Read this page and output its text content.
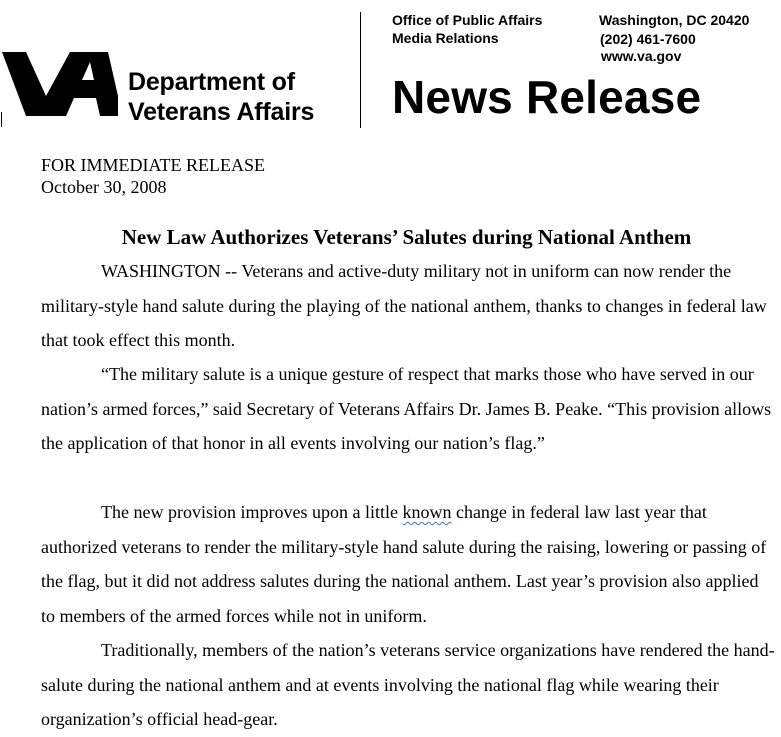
Department of
Veterans Affairs
Office of Public Affairs
Media Relations
Washington, DC 20420
(202) 461-7600
www.va.gov
News Release
FOR IMMEDIATE RELEASE
October 30, 2008
New Law Authorizes Veterans’ Salutes during National Anthem

WASHINGTON -- Veterans and active-duty military not in uniform can now render the military-style hand salute during the playing of the national anthem, thanks to changes in federal law that took effect this month.

“The military salute is a unique gesture of respect that marks those who have served in our nation’s armed forces,” said Secretary of Veterans Affairs Dr. James B. Peake. “This provision allows the application of that honor in all events involving our nation’s flag.”

The new provision improves upon a little known change in federal law last year that authorized veterans to render the military-style hand salute during the raising, lowering or passing of the flag, but it did not address salutes during the national anthem. Last year’s provision also applied to members of the armed forces while not in uniform.

Traditionally, members of the nation’s veterans service organizations have rendered the hand-salute during the national anthem and at events involving the national flag while wearing their organization’s official head-gear.
